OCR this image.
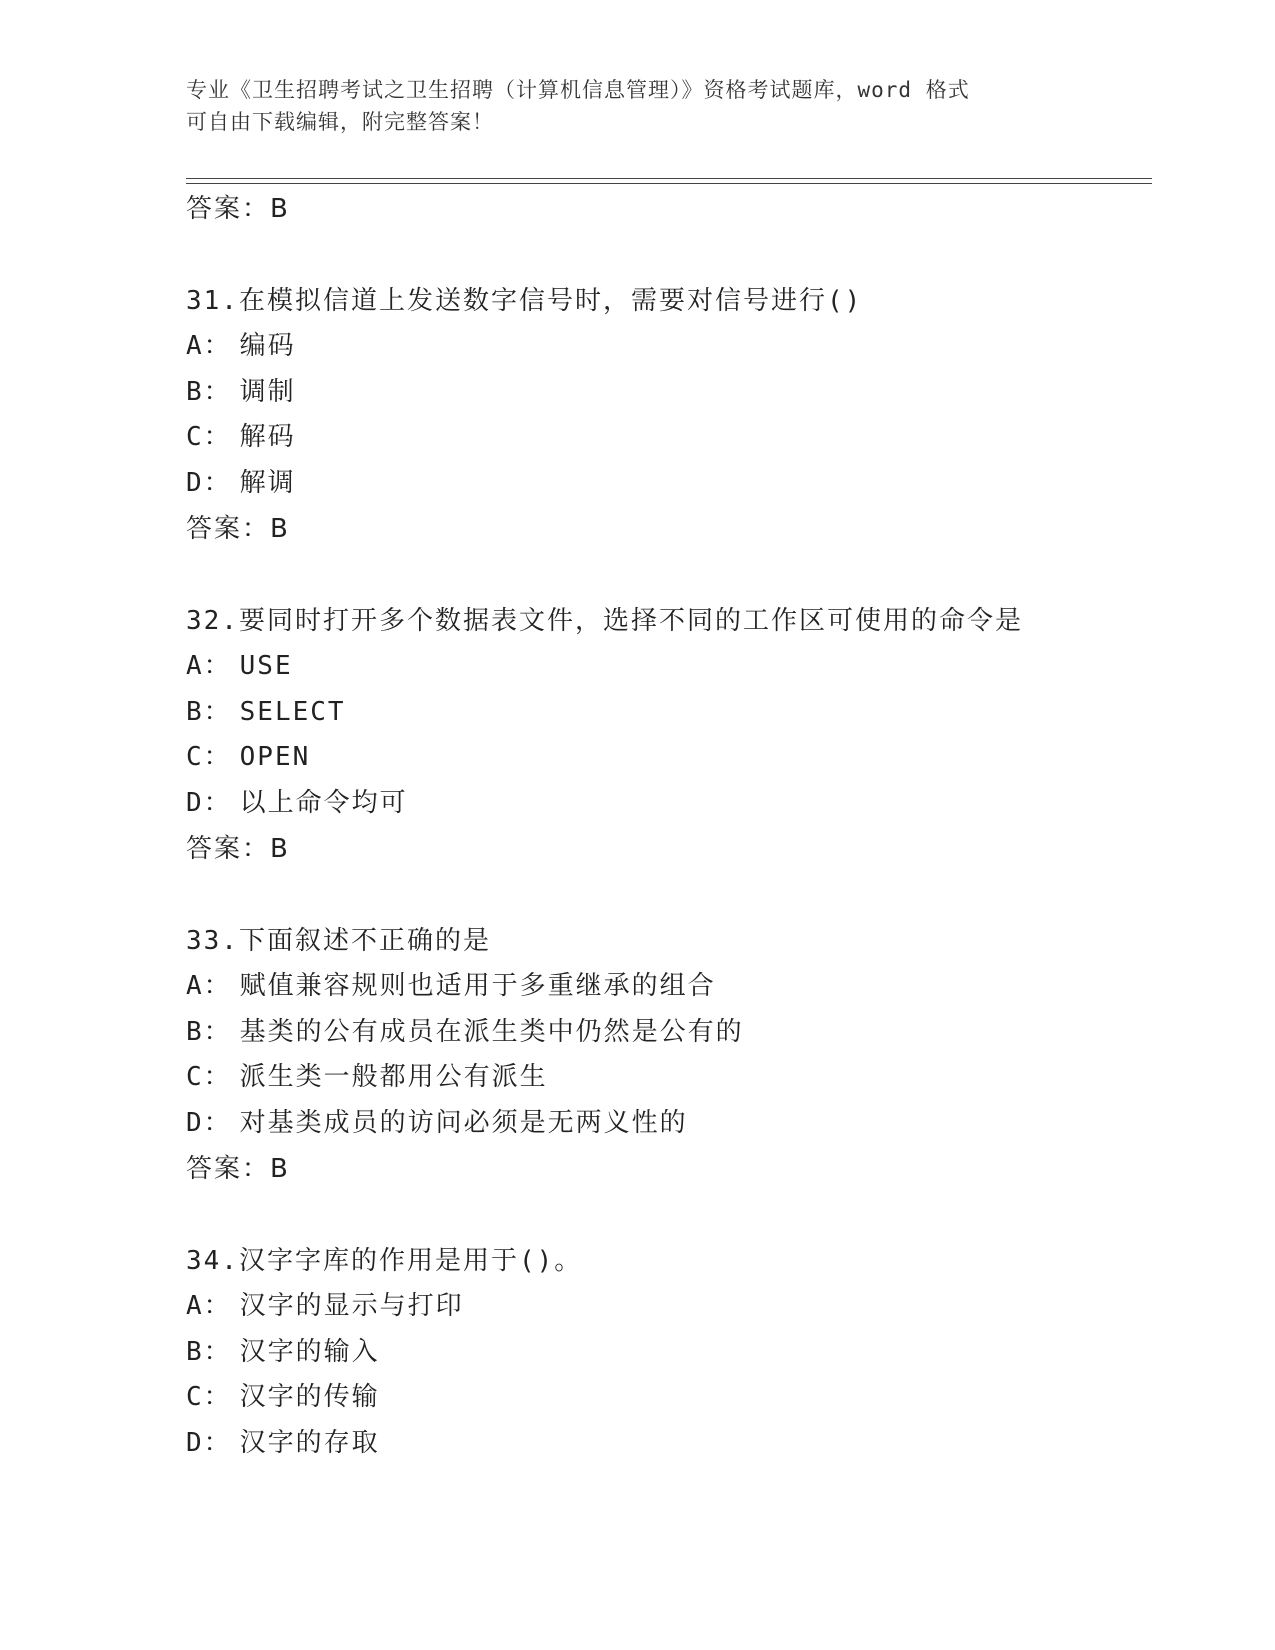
专业《卫生招聘考试之卫生招聘（计算机信息管理）》资格考试题库，word 格式
可自由下载编辑，附完整答案！
答案：B
31.在模拟信道上发送数字信号时，需要对信号进行()
A： 编码
B： 调制
C： 解码
D： 解调
答案：B
32.要同时打开多个数据表文件，选择不同的工作区可使用的命令是
A： USE
B： SELECT
C： OPEN
D： 以上命令均可
答案：B
33.下面叙述不正确的是
A： 赋值兼容规则也适用于多重继承的组合
B： 基类的公有成员在派生类中仍然是公有的
C： 派生类一般都用公有派生
D： 对基类成员的访问必须是无两义性的
答案：B
34.汉字字库的作用是用于()。
A： 汉字的显示与打印
B： 汉字的输入
C： 汉字的传输
D： 汉字的存取
